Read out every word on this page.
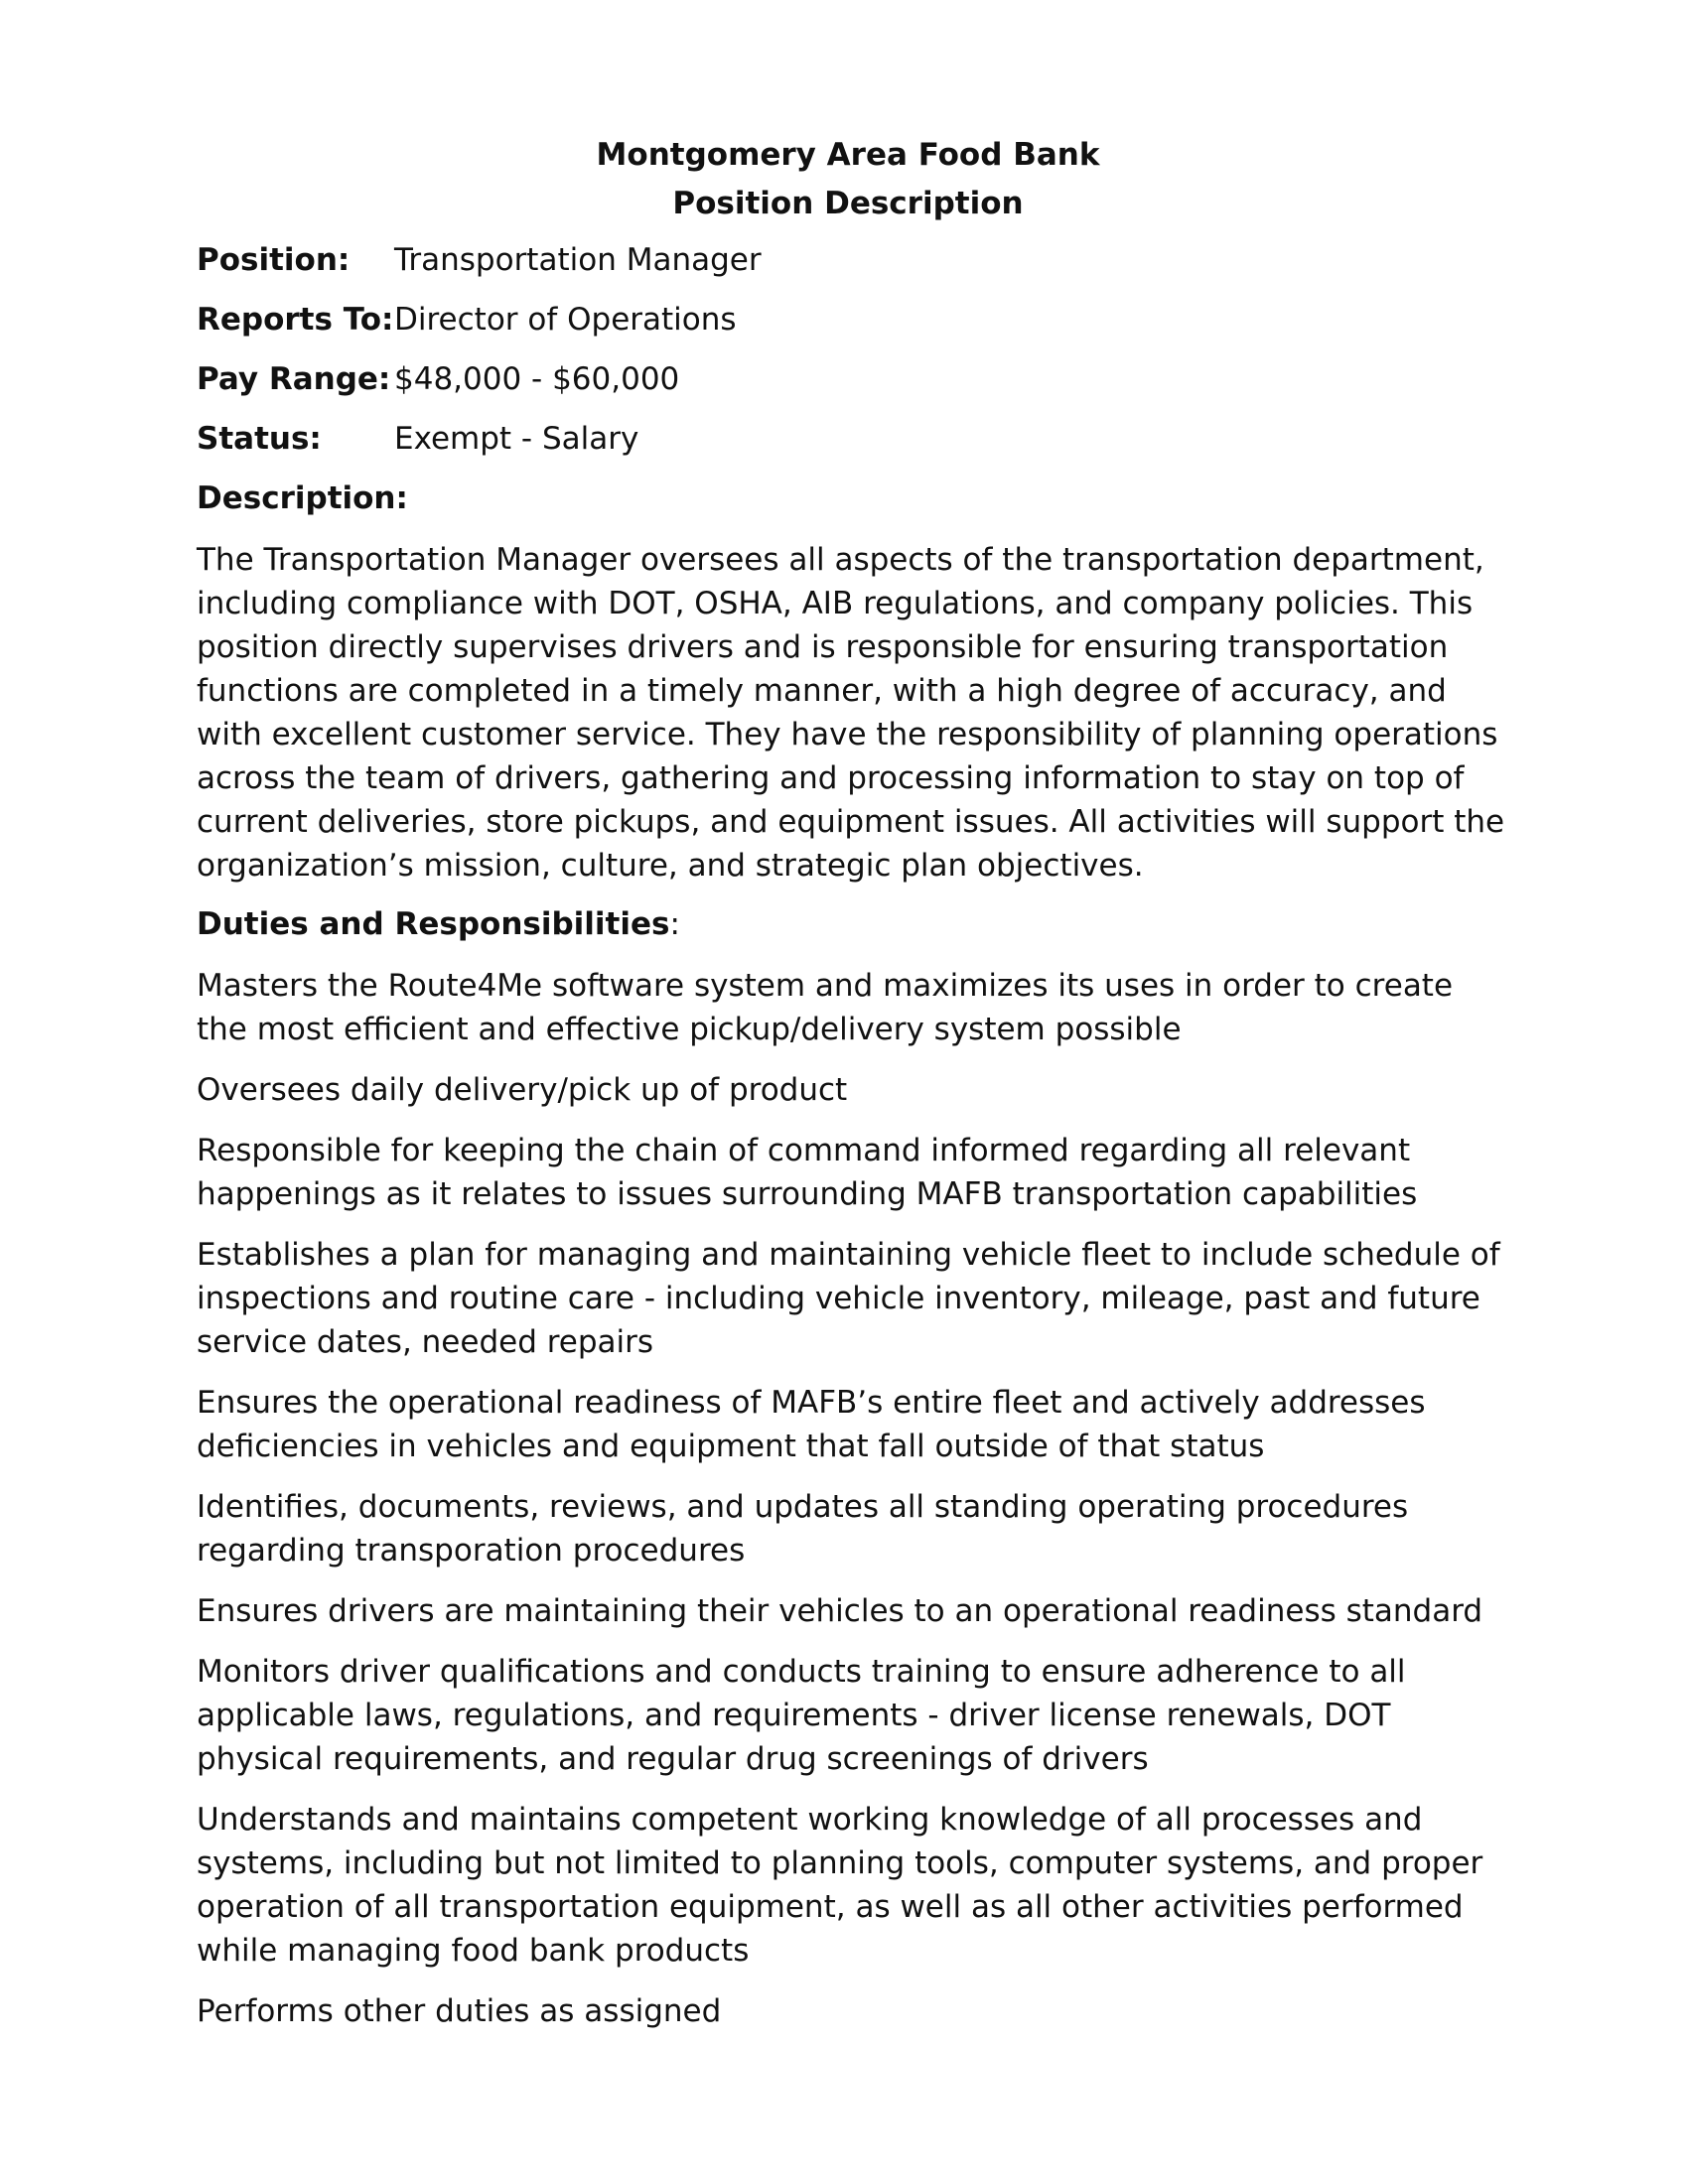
Montgomery Area Food Bank
Position Description
Position:	Transportation Manager
Reports To: Director of Operations
Pay Range: $48,000 - $60,000
Status:	Exempt - Salary
Description:

The Transportation Manager oversees all aspects of the transportation department, including compliance with DOT, OSHA, AIB regulations, and company policies. This position directly supervises drivers and is responsible for ensuring transportation functions are completed in a timely manner, with a high degree of accuracy, and with excellent customer service. They have the responsibility of planning operations across the team of drivers, gathering and processing information to stay on top of current deliveries, store pickups, and equipment issues. All activities will support the organization’s mission, culture, and strategic plan objectives.

Duties and Responsibilities:

Masters the Route4Me software system and maximizes its uses in order to create the most efficient and effective pickup/delivery system possible

Oversees daily delivery/pick up of product

Responsible for keeping the chain of command informed regarding all relevant happenings as it relates to issues surrounding MAFB transportation capabilities

Establishes a plan for managing and maintaining vehicle fleet to include schedule of inspections and routine care - including vehicle inventory, mileage, past and future service dates, needed repairs

Ensures the operational readiness of MAFB’s entire fleet and actively addresses deficiencies in vehicles and equipment that fall outside of that status

Identifies, documents, reviews, and updates all standing operating procedures regarding transporation procedures

Ensures drivers are maintaining their vehicles to an operational readiness standard

Monitors driver qualifications and conducts training to ensure adherence to all applicable laws, regulations, and requirements - driver license renewals, DOT physical requirements, and regular drug screenings of drivers

Understands and maintains competent working knowledge of all processes and systems, including but not limited to planning tools, computer systems, and proper operation of all transportation equipment, as well as all other activities performed while managing food bank products

Performs other duties as assigned
